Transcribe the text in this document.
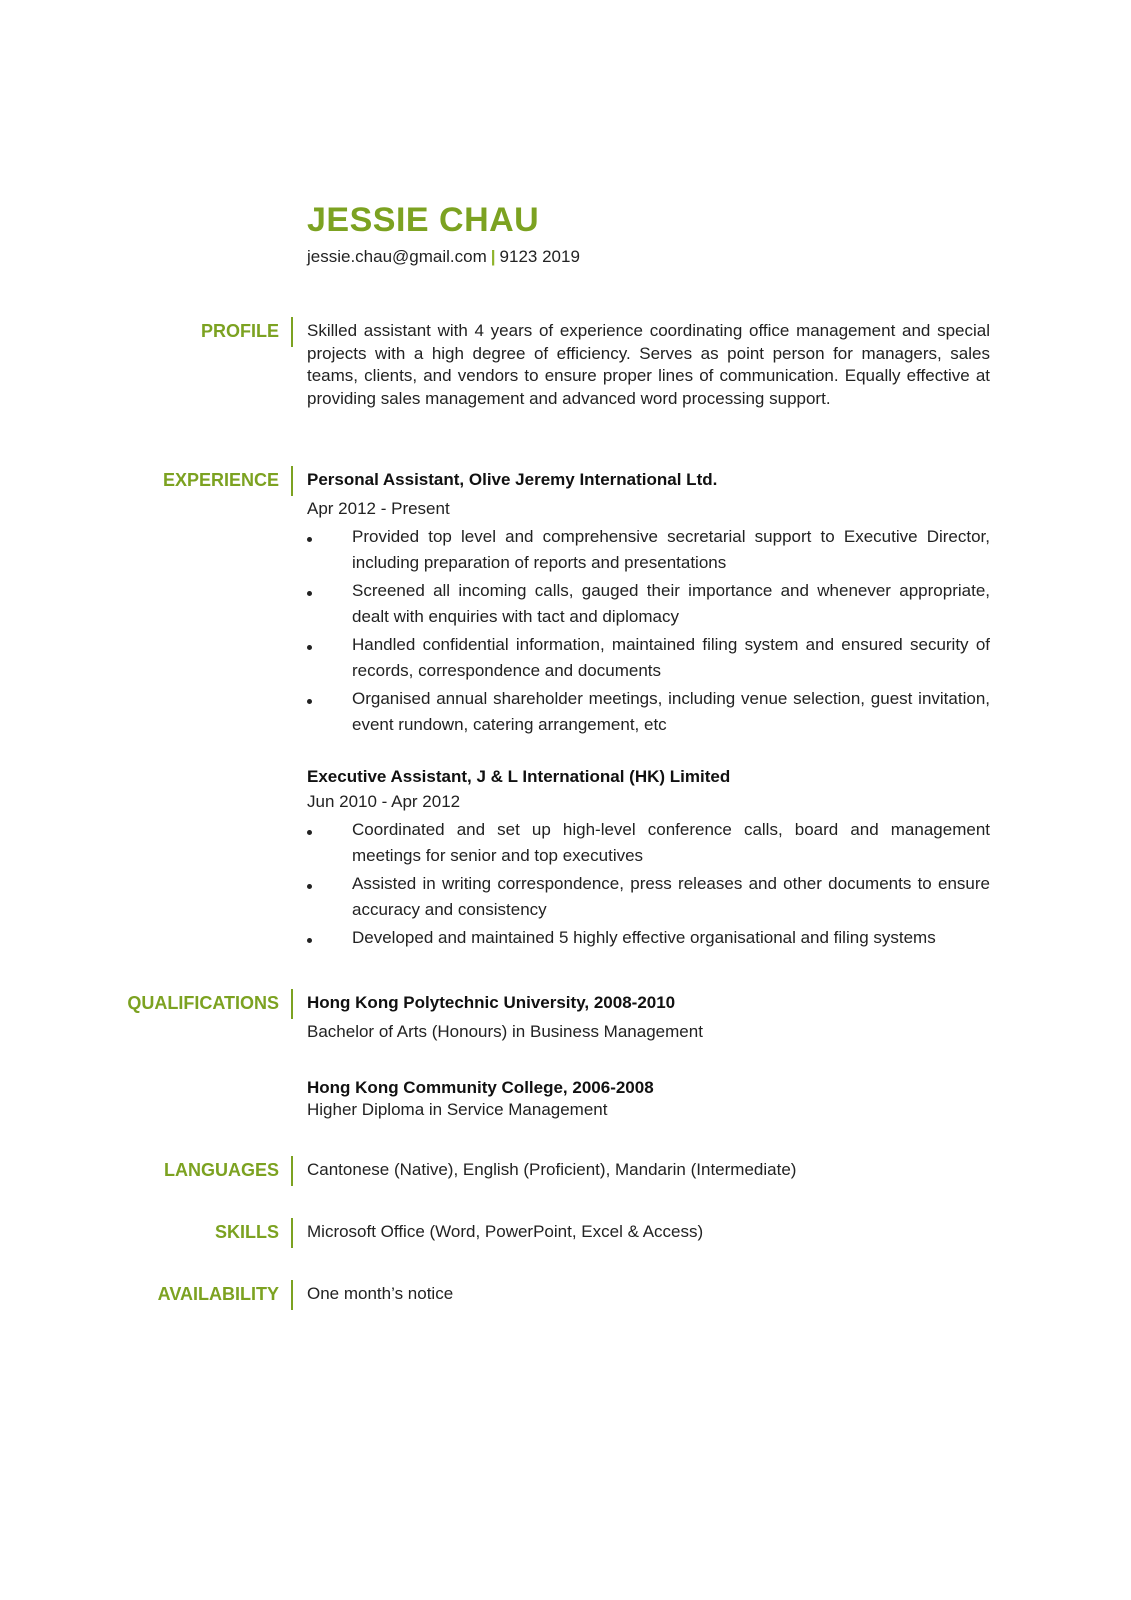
JESSIE CHAU
jessie.chau@gmail.com | 9123 2019
PROFILE Skilled assistant with 4 years of experience coordinating office management and special projects with a high degree of efficiency. Serves as point person for managers, sales teams, clients, and vendors to ensure proper lines of communication. Equally effective at providing sales management and advanced word processing support.
EXPERIENCE Personal Assistant, Olive Jeremy International Ltd.
Apr 2012 - Present
Provided top level and comprehensive secretarial support to Executive Director, including preparation of reports and presentations
Screened all incoming calls, gauged their importance and whenever appropriate, dealt with enquiries with tact and diplomacy
Handled confidential information, maintained filing system and ensured security of records, correspondence and documents
Organised annual shareholder meetings, including venue selection, guest invitation, event rundown, catering arrangement, etc
Executive Assistant, J & L International (HK) Limited
Jun 2010 - Apr 2012
Coordinated and set up high-level conference calls, board and management meetings for senior and top executives
Assisted in writing correspondence, press releases and other documents to ensure accuracy and consistency
Developed and maintained 5 highly effective organisational and filing systems
QUALIFICATIONS Hong Kong Polytechnic University, 2008-2010
Bachelor of Arts (Honours) in Business Management
Hong Kong Community College, 2006-2008
Higher Diploma in Service Management
LANGUAGES Cantonese (Native), English (Proficient), Mandarin (Intermediate)
SKILLS Microsoft Office (Word, PowerPoint, Excel & Access)
AVAILABILITY One month’s notice
